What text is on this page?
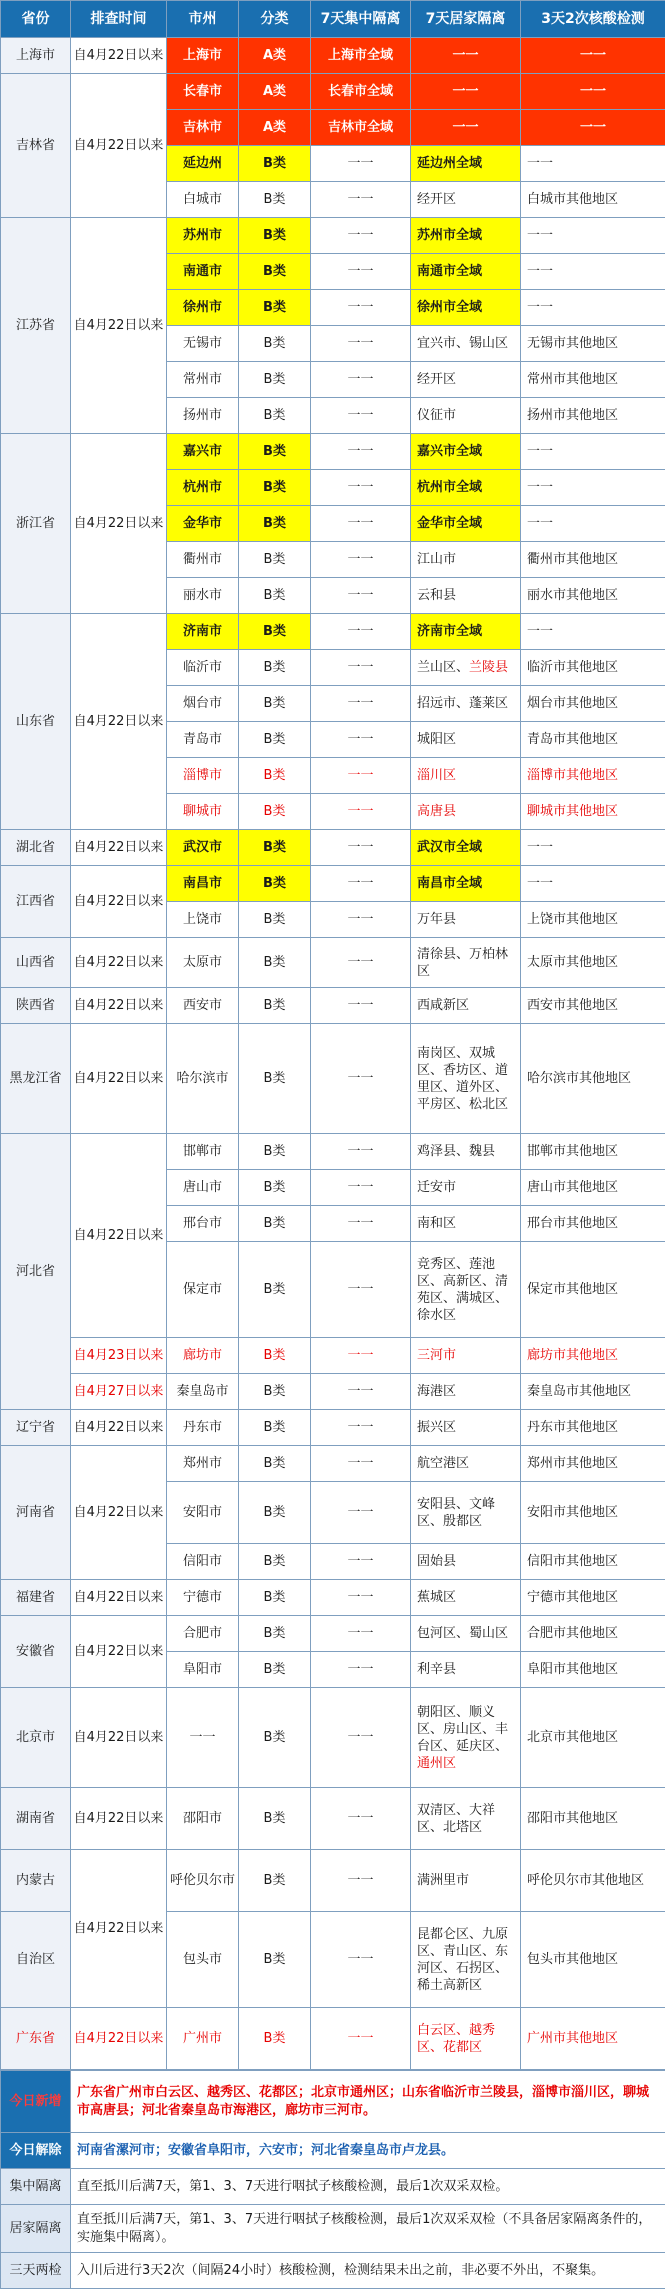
省份	排查时间	市州	分类	7天集中隔离	7天居家隔离	3天2次核酸检测
上海市	自4月22日以来	上海市	A类	上海市全域	一一	一一
吉林省	自4月22日以来	长春市	A类	长春市全域	一一	一一
		吉林市	A类	吉林市全域	一一	一一
		延边州	B类	一一	延边州全域	一一
		白城市	B类	一一	经开区	白城市其他地区
江苏省	自4月22日以来	苏州市	B类	一一	苏州市全域	一一
		南通市	B类	一一	南通市全域	一一
		徐州市	B类	一一	徐州市全域	一一
		无锡市	B类	一一	宜兴市、锡山区	无锡市其他地区
		常州市	B类	一一	经开区	常州市其他地区
		扬州市	B类	一一	仪征市	扬州市其他地区
浙江省	自4月22日以来	嘉兴市	B类	一一	嘉兴市全域	一一
		杭州市	B类	一一	杭州市全域	一一
		金华市	B类	一一	金华市全域	一一
		衢州市	B类	一一	江山市	衢州市其他地区
		丽水市	B类	一一	云和县	丽水市其他地区
山东省	自4月22日以来	济南市	B类	一一	济南市全域	一一
		临沂市	B类	一一	兰山区、兰陵县	临沂市其他地区
		烟台市	B类	一一	招远市、蓬莱区	烟台市其他地区
		青岛市	B类	一一	城阳区	青岛市其他地区
		淄博市	B类	一一	淄川区	淄博市其他地区
		聊城市	B类	一一	高唐县	聊城市其他地区
湖北省	自4月22日以来	武汉市	B类	一一	武汉市全域	一一
江西省	自4月22日以来	南昌市	B类	一一	南昌市全域	一一
		上饶市	B类	一一	万年县	上饶市其他地区
山西省	自4月22日以来	太原市	B类	一一	清徐县、万柏林区	太原市其他地区
陕西省	自4月22日以来	西安市	B类	一一	西咸新区	西安市其他地区
黑龙江省	自4月22日以来	哈尔滨市	B类	一一	南岗区、双城区、香坊区、道里区、道外区、平房区、松北区	哈尔滨市其他地区
河北省	自4月22日以来	邯郸市	B类	一一	鸡泽县、魏县	邯郸市其他地区
		唐山市	B类	一一	迁安市	唐山市其他地区
		邢台市	B类	一一	南和区	邢台市其他地区
		保定市	B类	一一	竞秀区、莲池区、高新区、清苑区、满城区、徐水区	保定市其他地区
	自4月23日以来	廊坊市	B类	一一	三河市	廊坊市其他地区
	自4月27日以来	秦皇岛市	B类	一一	海港区	秦皇岛市其他地区
辽宁省	自4月22日以来	丹东市	B类	一一	振兴区	丹东市其他地区
河南省	自4月22日以来	郑州市	B类	一一	航空港区	郑州市其他地区
		安阳市	B类	一一	安阳县、文峰区、殷都区	安阳市其他地区
		信阳市	B类	一一	固始县	信阳市其他地区
福建省	自4月22日以来	宁德市	B类	一一	蕉城区	宁德市其他地区
安徽省	自4月22日以来	合肥市	B类	一一	包河区、蜀山区	合肥市其他地区
		阜阳市	B类	一一	利辛县	阜阳市其他地区
北京市	自4月22日以来	一一	B类	一一	朝阳区、顺义区、房山区、丰台区、延庆区、通州区	北京市其他地区
湖南省	自4月22日以来	邵阳市	B类	一一	双清区、大祥区、北塔区	邵阳市其他地区
内蒙古	自4月22日以来	呼伦贝尔市	B类	一一	满洲里市	呼伦贝尔市其他地区
自治区		包头市	B类	一一	昆都仑区、九原区、青山区、东河区、石拐区、稀土高新区	包头市其他地区
广东省	自4月22日以来	广州市	B类	一一	白云区、越秀区、花都区	广州市其他地区
今日新增	广东省广州市白云区、越秀区、花都区；北京市通州区；山东省临沂市兰陵县，淄博市淄川区，聊城市高唐县；河北省秦皇岛市海港区，廊坊市三河市。
今日解除	河南省漯河市；安徽省阜阳市，六安市；河北省秦皇岛市卢龙县。
集中隔离	直至抵川后满7天，第1、3、7天进行咽拭子核酸检测，最后1次双采双检。
居家隔离	直至抵川后满7天，第1、3、7天进行咽拭子核酸检测，最后1次双采双检（不具备居家隔离条件的，实施集中隔离）。
三天两检	入川后进行3天2次（间隔24小时）核酸检测，检测结果未出之前，非必要不外出，不聚集。
